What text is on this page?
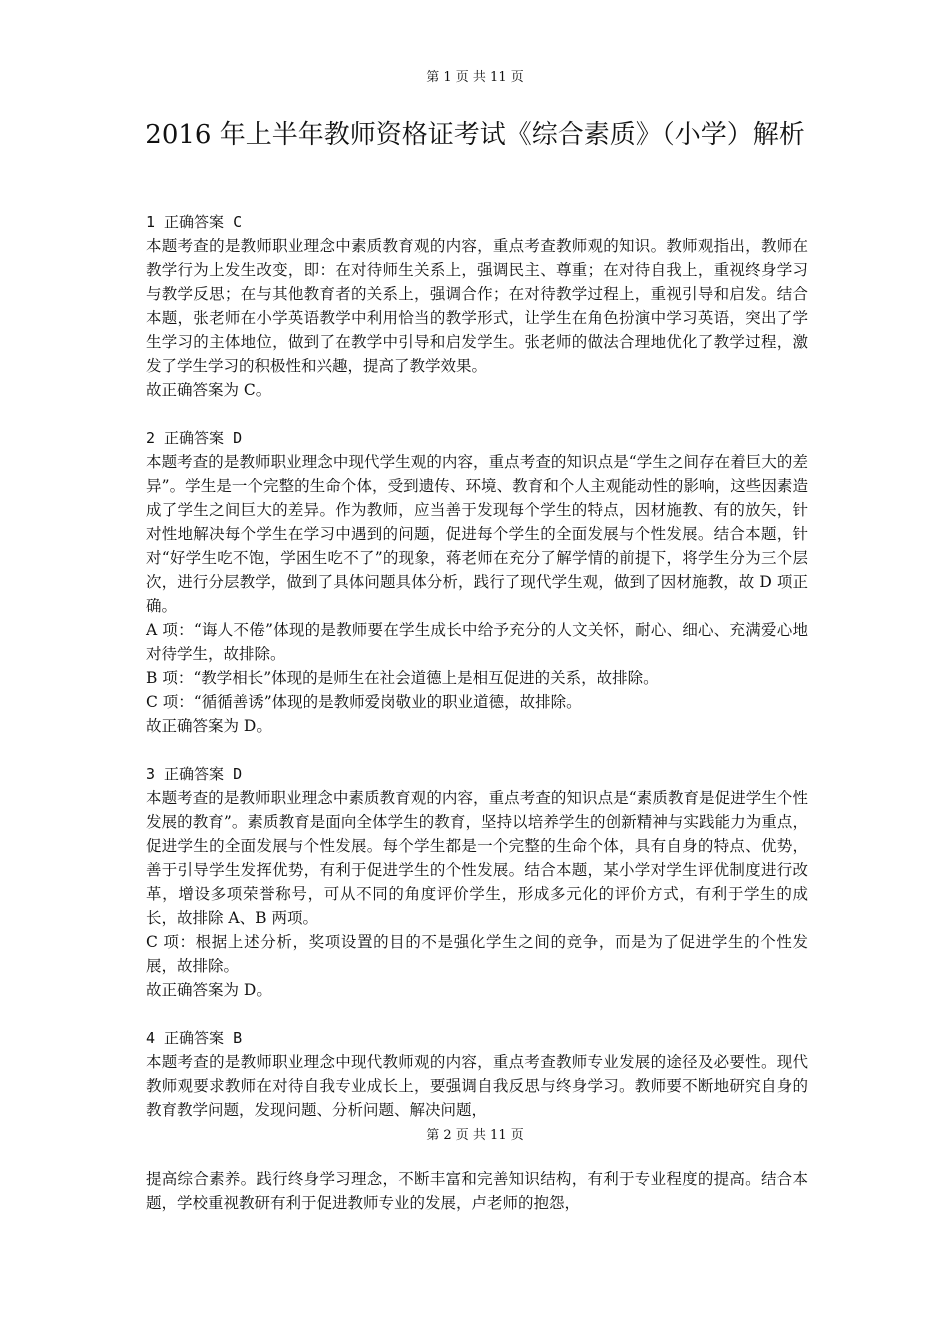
第 1 页 共 11 页
2016 年上半年教师资格证考试《综合素质》（小学）解析

1 正确答案 C

本题考查的是教师职业理念中素质教育观的内容，重点考查教师观的知识。教师观指出，教师在教学行为上发生改变，即：在对待师生关系上，强调民主、尊重；在对待自我上，重视终身学习与教学反思；在与其他教育者的关系上，强调合作；在对待教学过程上，重视引导和启发。结合本题，张老师在小学英语教学中利用恰当的教学形式，让学生在角色扮演中学习英语，突出了学生学习的主体地位，做到了在教学中引导和启发学生。张老师的做法合理地优化了教学过程，激发了学生学习的积极性和兴趣，提高了教学效果。

故正确答案为 C。

2 正确答案 D

本题考查的是教师职业理念中现代学生观的内容，重点考查的知识点是“学生之间存在着巨大的差异”。学生是一个完整的生命个体，受到遗传、环境、教育和个人主观能动性的影响，这些因素造成了学生之间巨大的差异。作为教师，应当善于发现每个学生的特点，因材施教、有的放矢，针对性地解决每个学生在学习中遇到的问题，促进每个学生的全面发展与个性发展。结合本题，针对“好学生吃不饱，学困生吃不了”的现象，蒋老师在充分了解学情的前提下，将学生分为三个层次，进行分层教学，做到了具体问题具体分析，践行了现代学生观，做到了因材施教，故 D 项正确。

A 项：“诲人不倦”体现的是教师要在学生成长中给予充分的人文关怀，耐心、细心、充满爱心地对待学生，故排除。

B 项：“教学相长”体现的是师生在社会道德上是相互促进的关系，故排除。

C 项：“循循善诱”体现的是教师爱岗敬业的职业道德，故排除。

故正确答案为 D。

3 正确答案 D

本题考查的是教师职业理念中素质教育观的内容，重点考查的知识点是“素质教育是促进学生个性发展的教育”。素质教育是面向全体学生的教育，坚持以培养学生的创新精神与实践能力为重点，促进学生的全面发展与个性发展。每个学生都是一个完整的生命个体，具有自身的特点、优势，善于引导学生发挥优势，有利于促进学生的个性发展。结合本题，某小学对学生评优制度进行改革，增设多项荣誉称号，可从不同的角度评价学生，形成多元化的评价方式，有利于学生的成长，故排除 A、B 两项。

C 项：根据上述分析，奖项设置的目的不是强化学生之间的竞争，而是为了促进学生的个性发展，故排除。

故正确答案为 D。

4 正确答案 B

本题考查的是教师职业理念中现代教师观的内容，重点考查教师专业发展的途径及必要性。现代教师观要求教师在对待自我专业成长上，要强调自我反思与终身学习。教师要不断地研究自身的教育教学问题，发现问题、分析问题、解决问题，

第 2 页 共 11 页

提高综合素养。践行终身学习理念，不断丰富和完善知识结构，有利于专业程度的提高。结合本题，学校重视教研有利于促进教师专业的发展，卢老师的抱怨，
